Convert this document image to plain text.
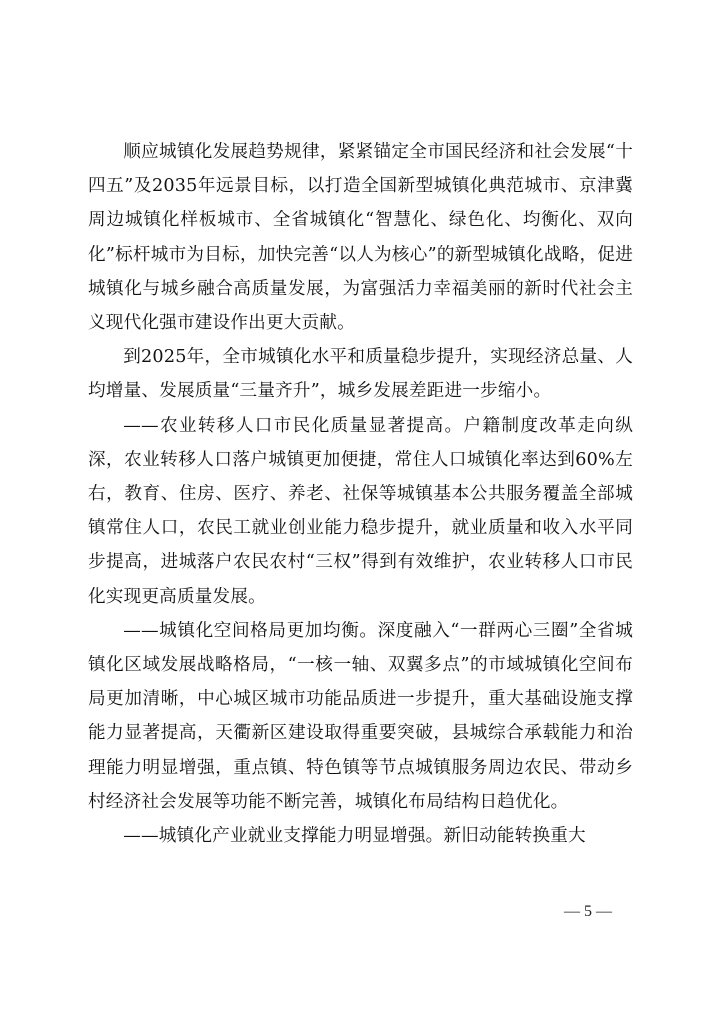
顺应城镇化发展趋势规律，紧紧锚定全市国民经济和社会发展“十四五”及2035年远景目标，以打造全国新型城镇化典范城市、京津冀周边城镇化样板城市、全省城镇化“智慧化、绿色化、均衡化、双向化”标杆城市为目标，加快完善“以人为核心”的新型城镇化战略，促进城镇化与城乡融合高质量发展，为富强活力幸福美丽的新时代社会主义现代化强市建设作出更大贡献。

到2025年，全市城镇化水平和质量稳步提升，实现经济总量、人均增量、发展质量“三量齐升”，城乡发展差距进一步缩小。

——农业转移人口市民化质量显著提高。户籍制度改革走向纵深，农业转移人口落户城镇更加便捷，常住人口城镇化率达到60%左右，教育、住房、医疗、养老、社保等城镇基本公共服务覆盖全部城镇常住人口，农民工就业创业能力稳步提升，就业质量和收入水平同步提高，进城落户农民农村“三权”得到有效维护，农业转移人口市民化实现更高质量发展。

——城镇化空间格局更加均衡。深度融入“一群两心三圈”全省城镇化区域发展战略格局，“一核一轴、双翼多点”的市域城镇化空间布局更加清晰，中心城区城市功能品质进一步提升，重大基础设施支撑能力显著提高，天衢新区建设取得重要突破，县城综合承载能力和治理能力明显增强，重点镇、特色镇等节点城镇服务周边农民、带动乡村经济社会发展等功能不断完善，城镇化布局结构日趋优化。

——城镇化产业就业支撑能力明显增强。新旧动能转换重大

— 5 —
